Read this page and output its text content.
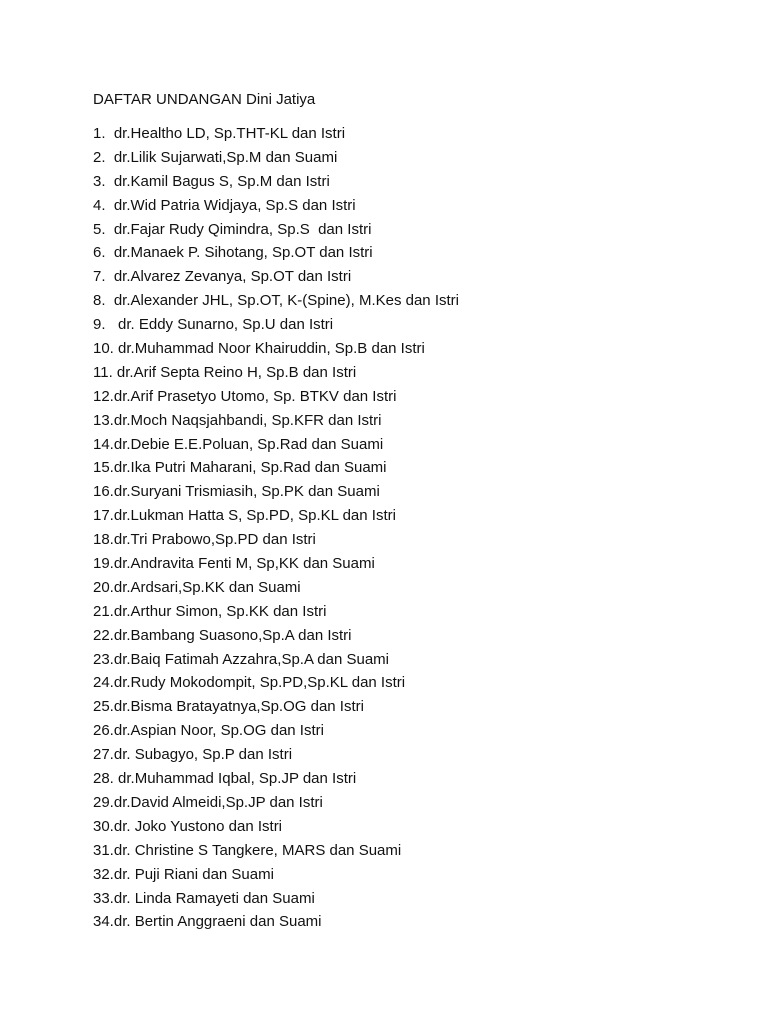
DAFTAR UNDANGAN Dini Jatiya
1.  dr.Healtho LD, Sp.THT-KL dan Istri
2.  dr.Lilik Sujarwati,Sp.M dan Suami
3.  dr.Kamil Bagus S, Sp.M dan Istri
4.  dr.Wid Patria Widjaya, Sp.S dan Istri
5.  dr.Fajar Rudy Qimindra, Sp.S  dan Istri
6.  dr.Manaek P. Sihotang, Sp.OT dan Istri
7.  dr.Alvarez Zevanya, Sp.OT dan Istri
8.  dr.Alexander JHL, Sp.OT, K-(Spine), M.Kes dan Istri
9.   dr. Eddy Sunarno, Sp.U dan Istri
10. dr.Muhammad Noor Khairuddin, Sp.B dan Istri
11. dr.Arif Septa Reino H, Sp.B dan Istri
12.dr.Arif Prasetyo Utomo, Sp. BTKV dan Istri
13.dr.Moch Naqsjahbandi, Sp.KFR dan Istri
14.dr.Debie E.E.Poluan, Sp.Rad dan Suami
15.dr.Ika Putri Maharani, Sp.Rad dan Suami
16.dr.Suryani Trismiasih, Sp.PK dan Suami
17.dr.Lukman Hatta S, Sp.PD, Sp.KL dan Istri
18.dr.Tri Prabowo,Sp.PD dan Istri
19.dr.Andravita Fenti M, Sp,KK dan Suami
20.dr.Ardsari,Sp.KK dan Suami
21.dr.Arthur Simon, Sp.KK dan Istri
22.dr.Bambang Suasono,Sp.A dan Istri
23.dr.Baiq Fatimah Azzahra,Sp.A dan Suami
24.dr.Rudy Mokodompit, Sp.PD,Sp.KL dan Istri
25.dr.Bisma Bratayatnya,Sp.OG dan Istri
26.dr.Aspian Noor, Sp.OG dan Istri
27.dr. Subagyo, Sp.P dan Istri
28. dr.Muhammad Iqbal, Sp.JP dan Istri
29.dr.David Almeidi,Sp.JP dan Istri
30.dr. Joko Yustono dan Istri
31.dr. Christine S Tangkere, MARS dan Suami
32.dr. Puji Riani dan Suami
33.dr. Linda Ramayeti dan Suami
34.dr. Bertin Anggraeni dan Suami
